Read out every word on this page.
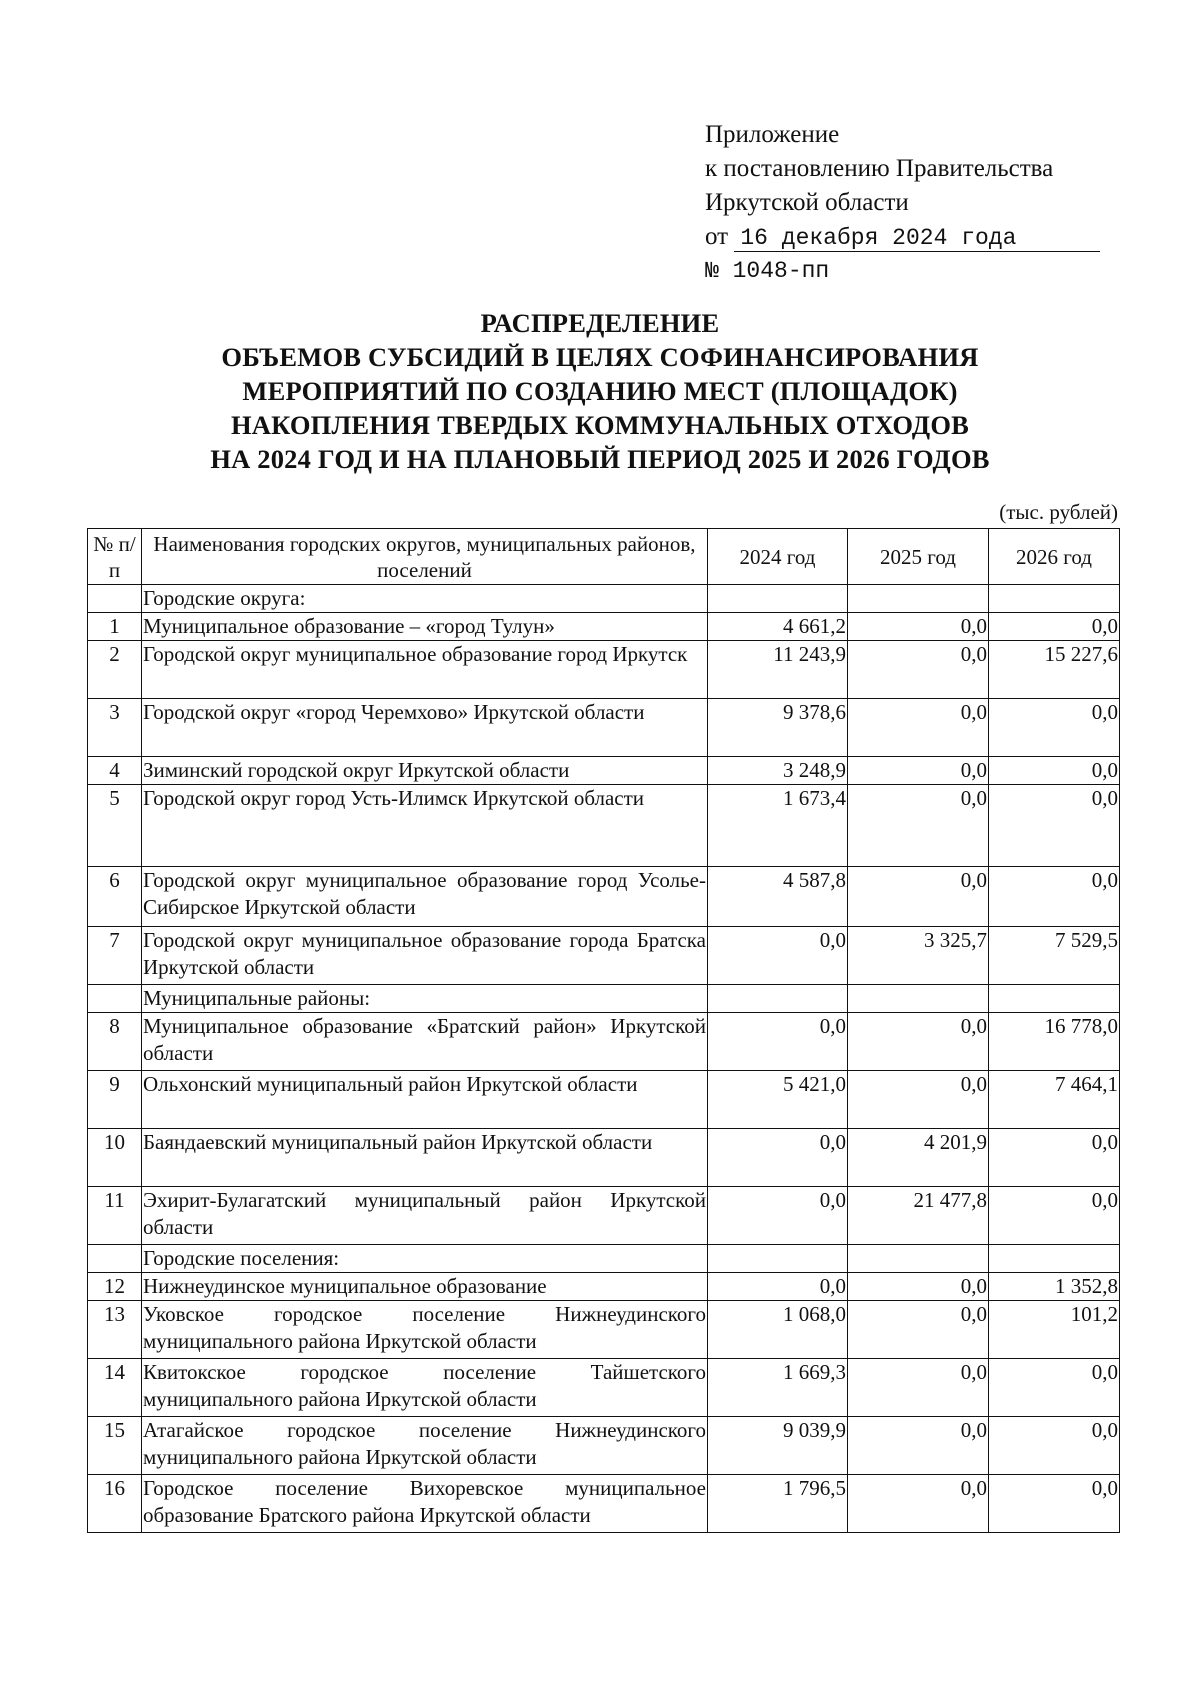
Приложение
к постановлению Правительства
Иркутской области
от 16 декабря 2024 года
№ 1048-пп
РАСПРЕДЕЛЕНИЕ
ОБЪЕМОВ СУБСИДИЙ В ЦЕЛЯХ СОФИНАНСИРОВАНИЯ
МЕРОПРИЯТИЙ ПО СОЗДАНИЮ МЕСТ (ПЛОЩАДОК)
НАКОПЛЕНИЯ ТВЕРДЫХ КОММУНАЛЬНЫХ ОТХОДОВ
НА 2024 ГОД И НА ПЛАНОВЫЙ ПЕРИОД 2025 И 2026 ГОДОВ
(тыс. рублей)
№ п/п	Наименования городских округов, муниципальных районов, поселений	2024 год	2025 год	2026 год
	Городские округа:			
1	Муниципальное образование – «город Тулун»	4 661,2	0,0	0,0
2	Городской округ муниципальное образование город Иркутск	11 243,9	0,0	15 227,6
3	Городской округ «город Черемхово» Иркутской области	9 378,6	0,0	0,0
4	Зиминский городской округ Иркутской области	3 248,9	0,0	0,0
5	Городской округ город Усть-Илимск Иркутской области	1 673,4	0,0	0,0
6	Городской округ муниципальное образование город Усолье-Сибирское Иркутской области	4 587,8	0,0	0,0
7	Городской округ муниципальное образование города Братска Иркутской области	0,0	3 325,7	7 529,5
	Муниципальные районы:			
8	Муниципальное образование «Братский район» Иркутской области	0,0	0,0	16 778,0
9	Ольхонский муниципальный район Иркутской области	5 421,0	0,0	7 464,1
10	Баяндаевский муниципальный район Иркутской области	0,0	4 201,9	0,0
11	Эхирит-Булагатский муниципальный район Иркутской области	0,0	21 477,8	0,0
	Городские поселения:			
12	Нижнеудинское муниципальное образование	0,0	0,0	1 352,8
13	Уковское городское поселение Нижнеудинского муниципального района Иркутской области	1 068,0	0,0	101,2
14	Квитокское городское поселение Тайшетского муниципального района Иркутской области	1 669,3	0,0	0,0
15	Атагайское городское поселение Нижнеудинского муниципального района Иркутской области	9 039,9	0,0	0,0
16	Городское поселение Вихоревское муниципальное образование Братского района Иркутской области	1 796,5	0,0	0,0
